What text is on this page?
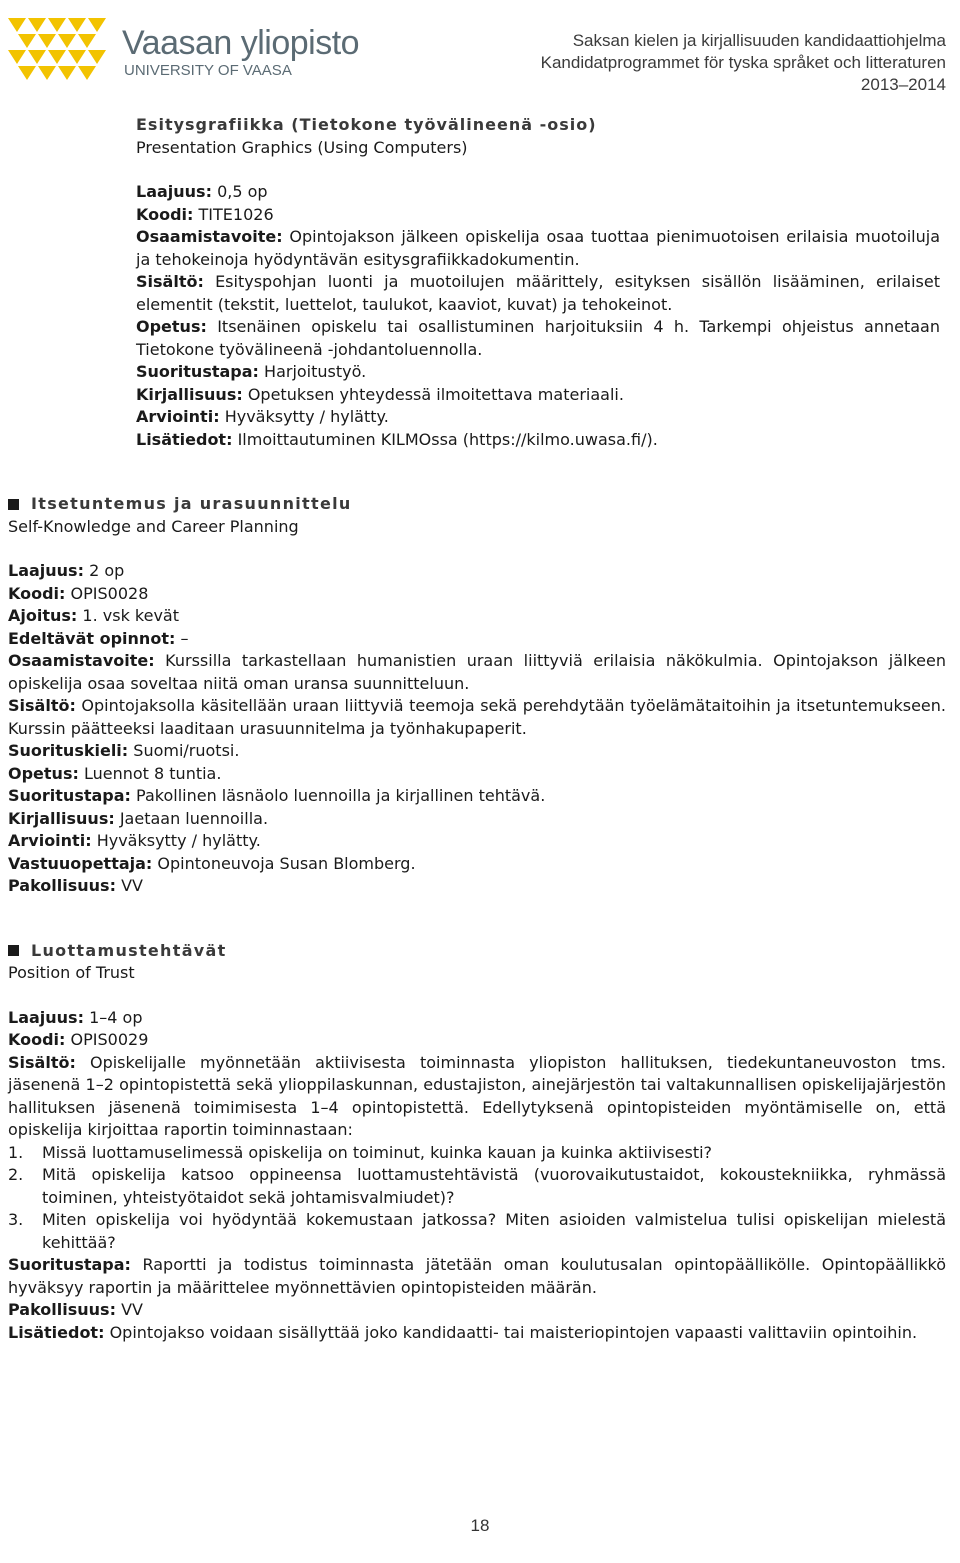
Vaasan yliopisto
UNIVERSITY OF VAASA
Saksan kielen ja kirjallisuuden kandidaattiohjelma
Kandidatprogrammet för tyska språket och litteraturen
2013–2014

Esitysgrafiikka (Tietokone työvälineenä -osio)

Presentation Graphics (Using Computers)

Laajuus: 0,5 op

Koodi: TITE1026

Osaamistavoite: Opintojakson jälkeen opiskelija osaa tuottaa pienimuotoisen erilaisia muotoiluja ja tehokeinoja hyödyntävän esitysgrafiikkadokumentin.

Sisältö: Esityspohjan luonti ja muotoilujen määrittely, esityksen sisällön lisääminen, erilaiset elementit (tekstit, luettelot, taulukot, kaaviot, kuvat) ja tehokeinot.

Opetus: Itsenäinen opiskelu tai osallistuminen harjoituksiin 4 h. Tarkempi ohjeistus annetaan Tietokone työvälineenä -johdantoluennolla.

Suoritustapa: Harjoitustyö.

Kirjallisuus: Opetuksen yhteydessä ilmoitettava materiaali.

Arviointi: Hyväksytty / hylätty.

Lisätiedot: Ilmoittautuminen KILMOssa (https://kilmo.uwasa.fi/).

Itsetuntemus ja urasuunnittelu

Self-Knowledge and Career Planning

Laajuus: 2 op

Koodi: OPIS0028

Ajoitus: 1. vsk kevät

Edeltävät opinnot: –

Osaamistavoite: Kurssilla tarkastellaan humanistien uraan liittyviä erilaisia näkökulmia. Opintojakson jälkeen opiskelija osaa soveltaa niitä oman uransa suunnitteluun.

Sisältö: Opintojaksolla käsitellään uraan liittyviä teemoja sekä perehdytään työelämätaitoihin ja itsetuntemukseen. Kurssin päätteeksi laaditaan urasuunnitelma ja työnhakupaperit.

Suorituskieli: Suomi/ruotsi.

Opetus: Luennot 8 tuntia.

Suoritustapa: Pakollinen läsnäolo luennoilla ja kirjallinen tehtävä.

Kirjallisuus: Jaetaan luennoilla.

Arviointi: Hyväksytty / hylätty.

Vastuuopettaja: Opintoneuvoja Susan Blomberg.

Pakollisuus: VV

Luottamustehtävät

Position of Trust

Laajuus: 1–4 op

Koodi: OPIS0029

Sisältö: Opiskelijalle myönnetään aktiivisesta toiminnasta yliopiston hallituksen, tiedekuntaneuvoston tms. jäsenenä 1–2 opintopistettä sekä ylioppilaskunnan, edustajiston, ainejärjestön tai valtakunnallisen opiskelijajärjestön hallituksen jäsenenä toimimisesta 1–4 opintopistettä. Edellytyksenä opintopisteiden myöntämiselle on, että opiskelija kirjoittaa raportin toiminnastaan:

1.	Missä luottamuselimessä opiskelija on toiminut, kuinka kauan ja kuinka aktiivisesti?
2.	Mitä opiskelija katsoo oppineensa luottamustehtävistä (vuorovaikutustaidot, kokoustekniikka, ryhmässä toiminen, yhteistyötaidot sekä johtamisvalmiudet)?
3.	Miten opiskelija voi hyödyntää kokemustaan jatkossa? Miten asioiden valmistelua tulisi opiskelijan mielestä kehittää?

Suoritustapa: Raportti ja todistus toiminnasta jätetään oman koulutusalan opintopäällikölle. Opintopäällikkö hyväksyy raportin ja määrittelee myönnettävien opintopisteiden määrän.

Pakollisuus: VV

Lisätiedot: Opintojakso voidaan sisällyttää joko kandidaatti- tai maisteriopintojen vapaasti valittaviin opintoihin.

18
